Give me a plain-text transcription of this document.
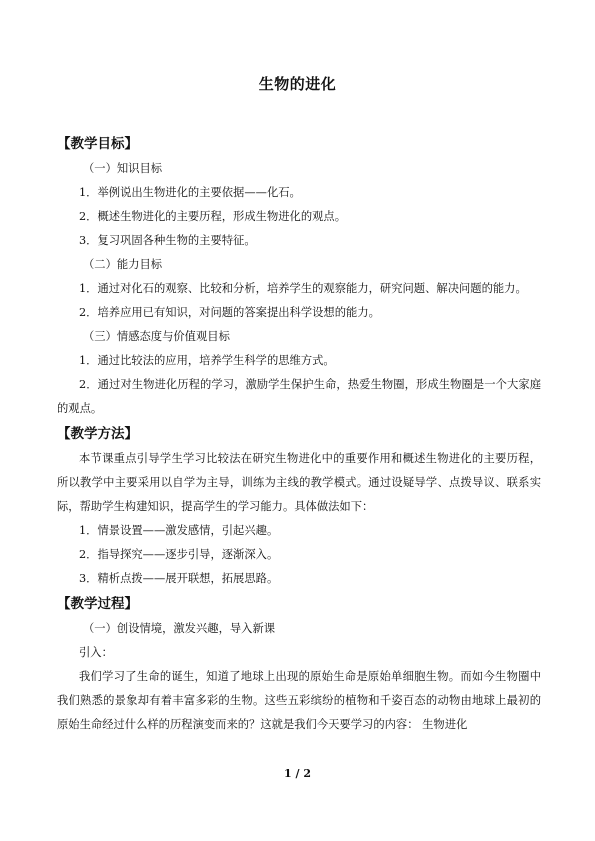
生物的进化

【教学目标】

（一）知识目标

1．举例说出生物进化的主要依据——化石。

2．概述生物进化的主要历程，形成生物进化的观点。

3．复习巩固各种生物的主要特征。

（二）能力目标

1．通过对化石的观察、比较和分析，培养学生的观察能力，研究问题、解决问题的能力。

2．培养应用已有知识，对问题的答案提出科学设想的能力。

（三）情感态度与价值观目标

1．通过比较法的应用，培养学生科学的思维方式。

2．通过对生物进化历程的学习，激励学生保护生命，热爱生物圈，形成生物圈是一个大家庭的观点。

【教学方法】

本节课重点引导学生学习比较法在研究生物进化中的重要作用和概述生物进化的主要历程，所以教学中主要采用以自学为主导，训练为主线的教学模式。通过设疑导学、点拨导议、联系实际，帮助学生构建知识，提高学生的学习能力。具体做法如下：

1．情景设置——激发感情，引起兴趣。

2．指导探究——逐步引导，逐渐深入。

3．精析点拨——展开联想，拓展思路。

【教学过程】

（一）创设情境，激发兴趣，导入新课

引入：

我们学习了生命的诞生，知道了地球上出现的原始生命是原始单细胞生物。而如今生物圈中我们熟悉的景象却有着丰富多彩的生物。这些五彩缤纷的植物和千姿百态的动物由地球上最初的原始生命经过什么样的历程演变而来的？这就是我们今天要学习的内容： 生物进化

1 / 2
